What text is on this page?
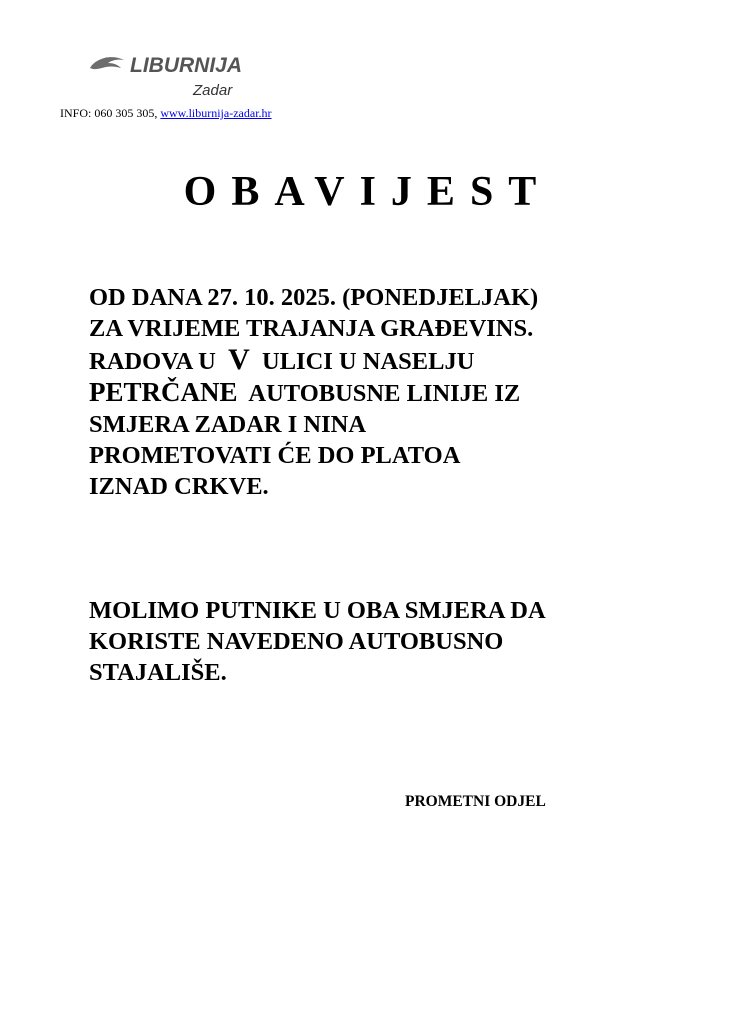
LIBURNIJA
Zadar
INFO: 060 305 305, www.liburnija-zadar.hr
OBAVIJEST
OD DANA 27. 10. 2025. (PONEDJELJAK)
ZA VRIJEME TRAJANJA GRAĐEVINS.
RADOVA U V ULICI U NASELJU
PETRČANE AUTOBUSNE LINIJE IZ
SMJERA ZADAR I NINA
PROMETOVATI ĆE DO PLATOA
IZNAD CRKVE.
MOLIMO PUTNIKE U OBA SMJERA DA
KORISTE NAVEDENO AUTOBUSNO
STAJALIŠE.
PROMETNI ODJEL
